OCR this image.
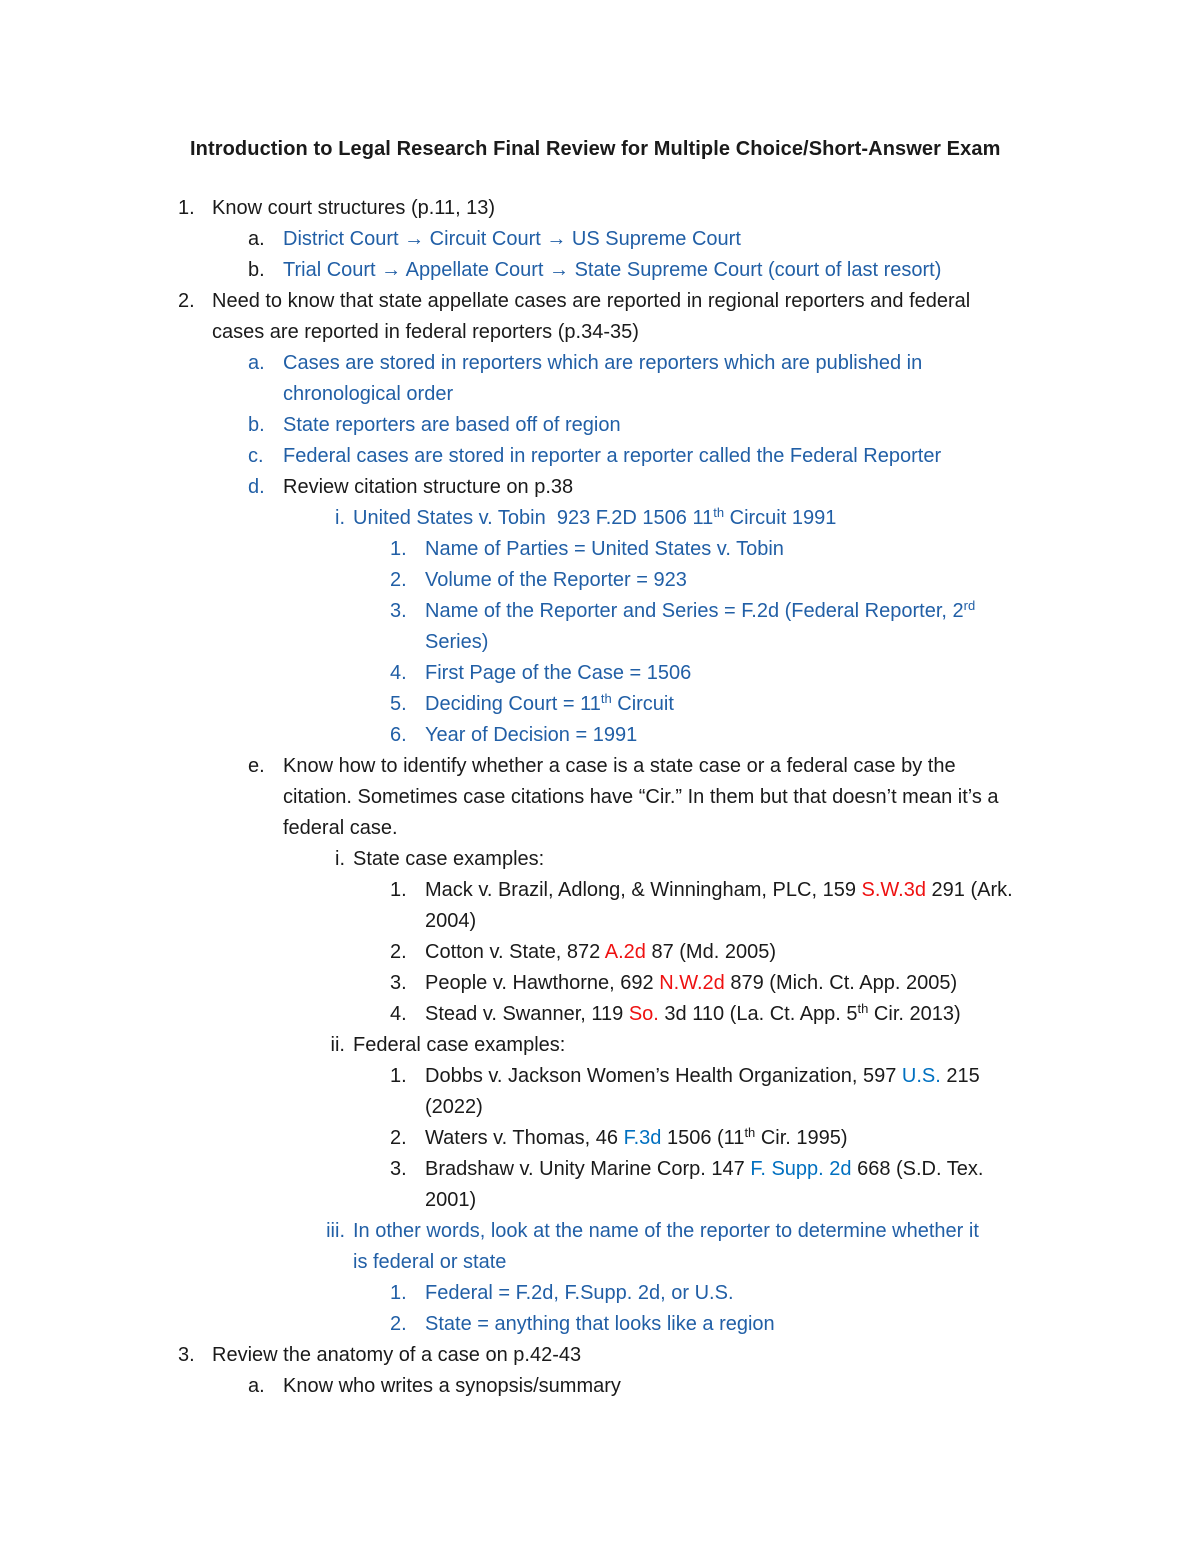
Introduction to Legal Research Final Review for Multiple Choice/Short-Answer Exam
1. Know court structures (p.11, 13)
a. District Court → Circuit Court → US Supreme Court
b. Trial Court → Appellate Court → State Supreme Court (court of last resort)
2. Need to know that state appellate cases are reported in regional reporters and federal
cases are reported in federal reporters (p.34-35)
a. Cases are stored in reporters which are reporters which are published in
chronological order
b. State reporters are based off of region
c. Federal cases are stored in reporter a reporter called the Federal Reporter
d. Review citation structure on p.38
i. United States v. Tobin  923 F.2D 1506 11th Circuit 1991
1. Name of Parties = United States v. Tobin
2. Volume of the Reporter = 923
3. Name of the Reporter and Series = F.2d (Federal Reporter, 2rd
Series)
4. First Page of the Case = 1506
5. Deciding Court = 11th Circuit
6. Year of Decision = 1991
e. Know how to identify whether a case is a state case or a federal case by the
citation. Sometimes case citations have “Cir.” In them but that doesn’t mean it’s a
federal case.
i. State case examples:
1. Mack v. Brazil, Adlong, & Winningham, PLC, 159 S.W.3d 291 (Ark.
2004)
2. Cotton v. State, 872 A.2d 87 (Md. 2005)
3. People v. Hawthorne, 692 N.W.2d 879 (Mich. Ct. App. 2005)
4. Stead v. Swanner, 119 So. 3d 110 (La. Ct. App. 5th Cir. 2013)
ii. Federal case examples:
1. Dobbs v. Jackson Women’s Health Organization, 597 U.S. 215
(2022)
2. Waters v. Thomas, 46 F.3d 1506 (11th Cir. 1995)
3. Bradshaw v. Unity Marine Corp. 147 F. Supp. 2d 668 (S.D. Tex.
2001)
iii. In other words, look at the name of the reporter to determine whether it
is federal or state
1. Federal = F.2d, F.Supp. 2d, or U.S.
2. State = anything that looks like a region
3. Review the anatomy of a case on p.42-43
a. Know who writes a synopsis/summary
